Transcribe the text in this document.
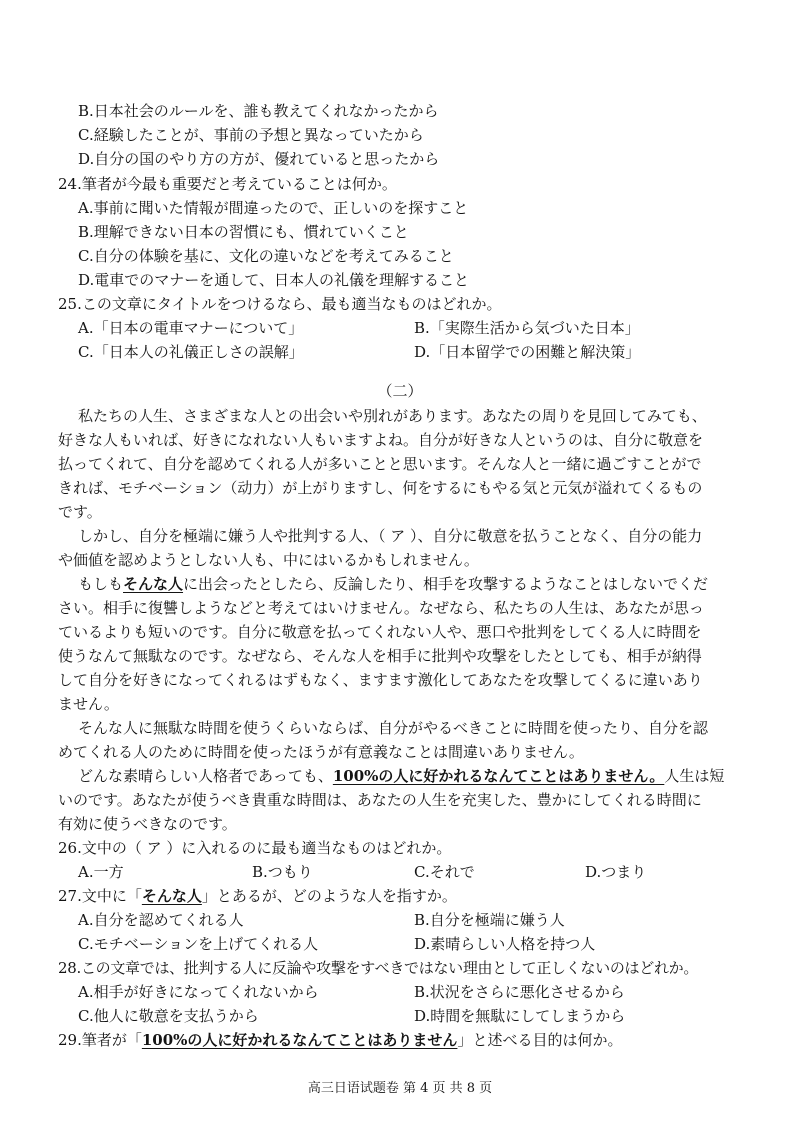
B.日本社会のルールを、誰も教えてくれなかったから
C.経験したことが、事前の予想と異なっていたから
D.自分の国のやり方の方が、優れていると思ったから
24.筆者が今最も重要だと考えていることは何か。
A.事前に聞いた情報が間違ったので、正しいのを探すこと
B.理解できない日本の習慣にも、慣れていくこと
C.自分の体験を基に、文化の違いなどを考えてみること
D.電車でのマナーを通して、日本人の礼儀を理解すること
25.この文章にタイトルをつけるなら、最も適当なものはどれか。
A.「日本の電車マナーについて」	B.「実際生活から気づいた日本」
C.「日本人の礼儀正しさの誤解」	D.「日本留学での困難と解決策」
（二）
私たちの人生、さまざまな人との出会いや別れがあります。あなたの周りを見回してみても、
好きな人もいれば、好きになれない人もいますよね。自分が好きな人というのは、自分に敬意を
払ってくれて、自分を認めてくれる人が多いことと思います。そんな人と一緒に過ごすことがで
きれば、モチベーション（动力）が上がりますし、何をするにもやる気と元気が溢れてくるもの
です。
しかし、自分を極端に嫌う人や批判する人、（ ア ）、自分に敬意を払うことなく、自分の能力
や価値を認めようとしない人も、中にはいるかもしれません。
もしもそんな人に出会ったとしたら、反論したり、相手を攻撃するようなことはしないでくだ
さい。相手に復讐しようなどと考えてはいけません。なぜなら、私たちの人生は、あなたが思っ
ているよりも短いのです。自分に敬意を払ってくれない人や、悪口や批判をしてくる人に時間を
使うなんて無駄なのです。なぜなら、そんな人を相手に批判や攻撃をしたとしても、相手が納得
して自分を好きになってくれるはずもなく、ますます激化してあなたを攻撃してくるに違いあり
ません。
そんな人に無駄な時間を使うくらいならば、自分がやるべきことに時間を使ったり、自分を認
めてくれる人のために時間を使ったほうが有意義なことは間違いありません。
どんな素晴らしい人格者であっても、100%の人に好かれるなんてことはありません。人生は短
いのです。あなたが使うべき貴重な時間は、あなたの人生を充実した、豊かにしてくれる時間に
有効に使うべきなのです。
26.文中の（ ア ）に入れるのに最も適当なものはどれか。
A.一方	B.つもり	C.それで	D.つまり
27.文中に「そんな人」とあるが、どのような人を指すか。
A.自分を認めてくれる人	B.自分を極端に嫌う人
C.モチベーションを上げてくれる人	D.素晴らしい人格を持つ人
28.この文章では、批判する人に反論や攻撃をすべきではない理由として正しくないのはどれか。
A.相手が好きになってくれないから	B.状況をさらに悪化させるから
C.他人に敬意を支払うから	D.時間を無駄にしてしまうから
29.筆者が「100%の人に好かれるなんてことはありません」と述べる目的は何か。
高三日语试题卷 第 4 页 共 8 页
